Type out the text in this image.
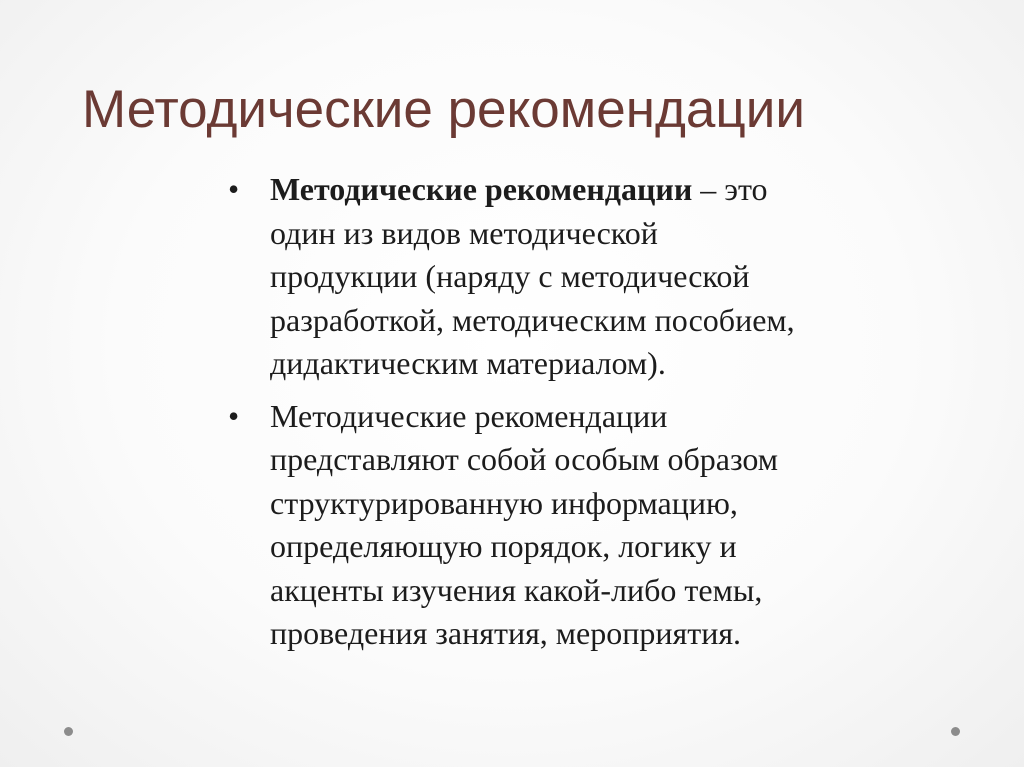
Методические рекомендации
• Методические рекомендации – это
один из видов методической
продукции (наряду с методической
разработкой, методическим пособием,
дидактическим материалом).
• Методические рекомендации
представляют собой особым образом
структурированную информацию,
определяющую порядок, логику и
акценты изучения какой-либо темы,
проведения занятия, мероприятия.
